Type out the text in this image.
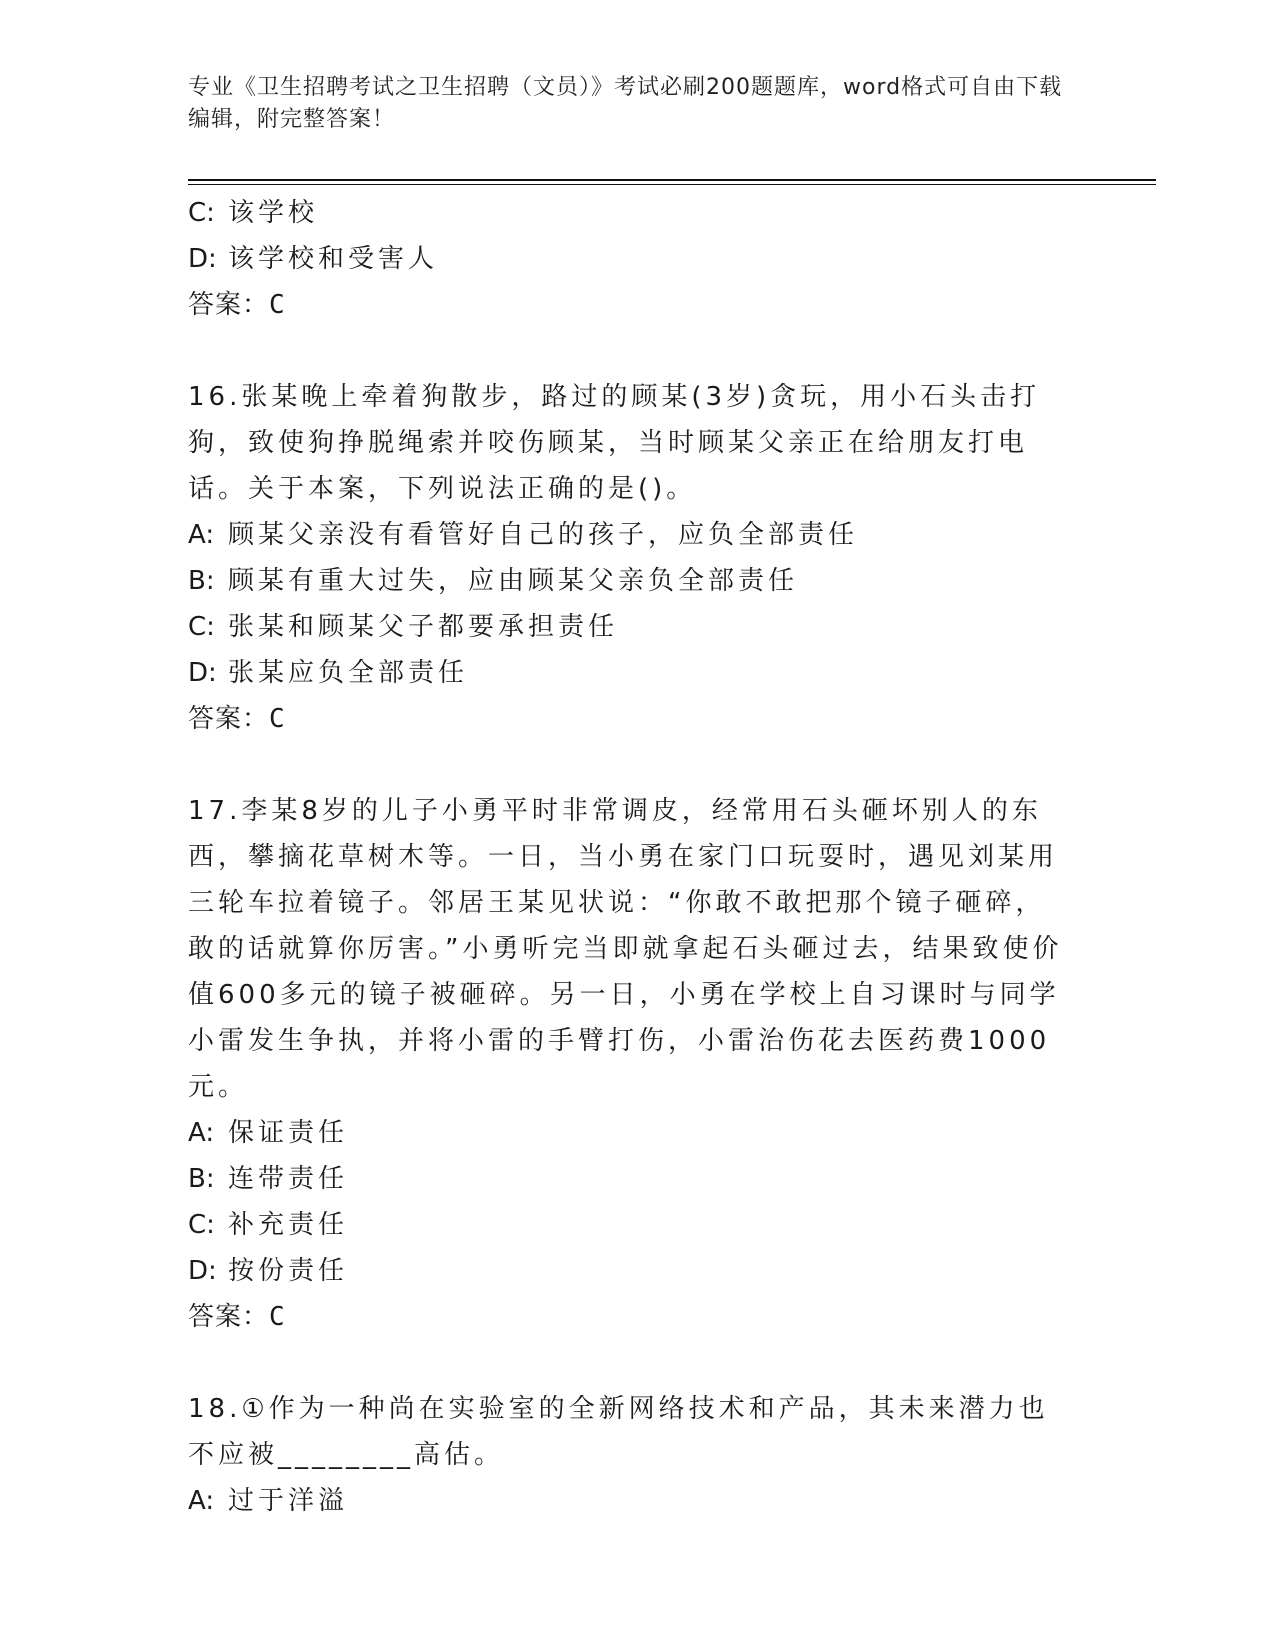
专业《卫生招聘考试之卫生招聘（文员）》考试必刷200题题库，word格式可自由下载编辑，附完整答案！
C: 该学校
D: 该学校和受害人
答案：C
16.张某晚上牵着狗散步，路过的顾某(3岁)贪玩，用小石头击打狗，致使狗挣脱绳索并咬伤顾某，当时顾某父亲正在给朋友打电话。关于本案，下列说法正确的是()。
A: 顾某父亲没有看管好自己的孩子，应负全部责任
B: 顾某有重大过失，应由顾某父亲负全部责任
C: 张某和顾某父子都要承担责任
D: 张某应负全部责任
答案：C
17.李某8岁的儿子小勇平时非常调皮，经常用石头砸坏别人的东西，攀摘花草树木等。一日，当小勇在家门口玩耍时，遇见刘某用三轮车拉着镜子。邻居王某见状说：“你敢不敢把那个镜子砸碎，敢的话就算你厉害。”小勇听完当即就拿起石头砸过去，结果致使价值600多元的镜子被砸碎。另一日，小勇在学校上自习课时与同学小雷发生争执，并将小雷的手臂打伤，小雷治伤花去医药费1000元。
A: 保证责任
B: 连带责任
C: 补充责任
D: 按份责任
答案：C
18.①作为一种尚在实验室的全新网络技术和产品，其未来潜力也不应被________高估。
A: 过于洋溢
